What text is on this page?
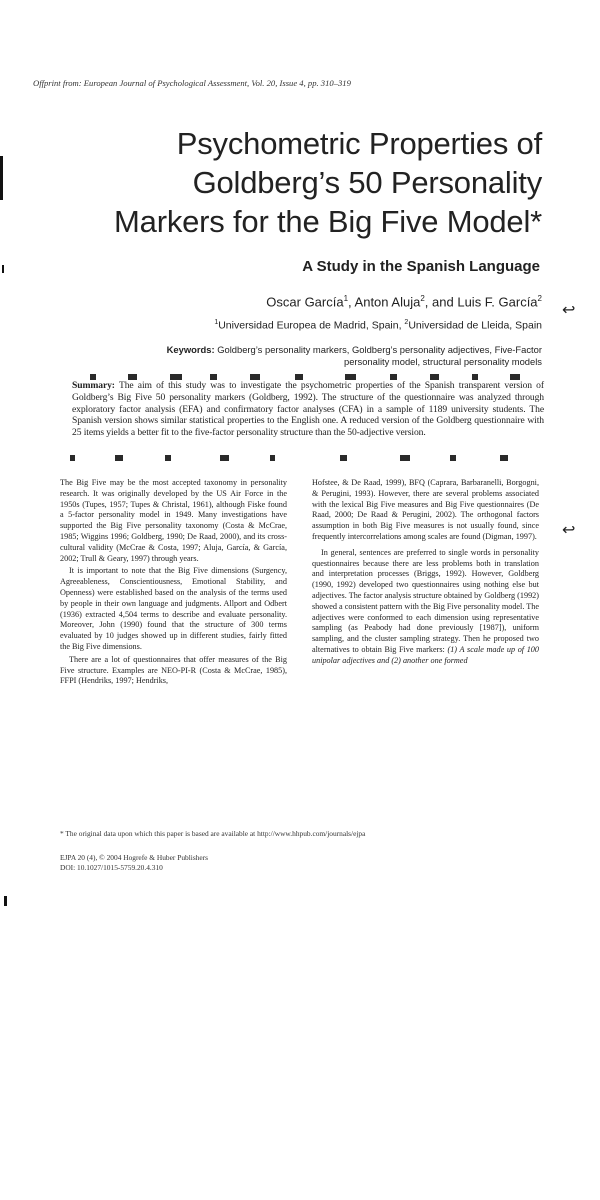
Offprint from: European Journal of Psychological Assessment, Vol. 20, Issue 4, pp. 310–319
↩
↩
Psychometric Properties of
Goldberg’s 50 Personality
Markers for the Big Five Model*
A Study in the Spanish Language
Oscar García$^1$, Anton Aluja$^2$, and Luis F. García$^2$
$^1$Universidad Europea de Madrid, Spain, $^2$Universidad de Lleida, Spain
Keywords: Goldberg’s personality markers, Goldberg’s personality adjectives, Five-Factor personality model, structural personality models
Summary: The aim of this study was to investigate the psychometric properties of the Spanish transparent version of Goldberg’s Big Five 50 personality markers (Goldberg, 1992). The structure of the questionnaire was analyzed through exploratory factor analysis (EFA) and confirmatory factor analyses (CFA) in a sample of 1189 university students. The Spanish version shows similar statistical properties to the English one. A reduced version of the Goldberg questionnaire with 25 items yields a better fit to the five-factor personality structure than the 50-adjective version.

The Big Five may be the most accepted taxonomy in personality research. It was originally developed by the US Air Force in the 1950s (Tupes, 1957; Tupes & Christal, 1961), although Fiske found a 5-factor personality model in 1949. Many investigations have supported the Big Five personality taxonomy (Costa & McCrae, 1985; Wiggins 1996; Goldberg, 1990; De Raad, 2000), and its cross-cultural validity (McCrae & Costa, 1997; Aluja, García, & García, 2002; Trull & Geary, 1997) through years.

It is important to note that the Big Five dimensions (Surgency, Agreeableness, Conscientiousness, Emotional Stability, and Openness) were established based on the analysis of the terms used by people in their own language and judgments. Allport and Odbert (1936) extracted 4,504 terms to describe and evaluate personality. Moreover, John (1990) found that the structure of 300 terms evaluated by 10 judges showed up in different studies, fairly fitted the Big Five dimensions.

There are a lot of questionnaires that offer measures of the Big Five structure. Examples are NEO-PI-R (Costa & McCrae, 1985), FFPI (Hendriks, 1997; Hendriks,

Hofstee, & De Raad, 1999), BFQ (Caprara, Barbaranelli, Borgogni, & Perugini, 1993). However, there are several problems associated with the lexical Big Five measures and Big Five questionnaires (De Raad, 2000; De Raad & Perugini, 2002). The orthogonal factors assumption in both Big Five measures is not usually found, since frequently intercorrelations among scales are found (Digman, 1997).

In general, sentences are preferred to single words in personality questionnaires because there are less problems both in translation and interpretation processes (Briggs, 1992). However, Goldberg (1990, 1992) developed two questionnaires using nothing else but adjectives. The factor analysis structure obtained by Goldberg (1992) showed a consistent pattern with the Big Five personality model. The adjectives were conformed to each dimension using representative sampling (as Peabody had done previously [1987]), uniform sampling, and the cluster sampling strategy. Then he proposed two alternatives to obtain Big Five markers: (1) A scale made up of 100 unipolar adjectives and (2) another one formed

* The original data upon which this paper is based are available at http://www.hhpub.com/journals/ejpa
EJPA 20 (4), © 2004 Hogrefe & Huber Publishers
DOI: 10.1027/1015-5759.20.4.310
